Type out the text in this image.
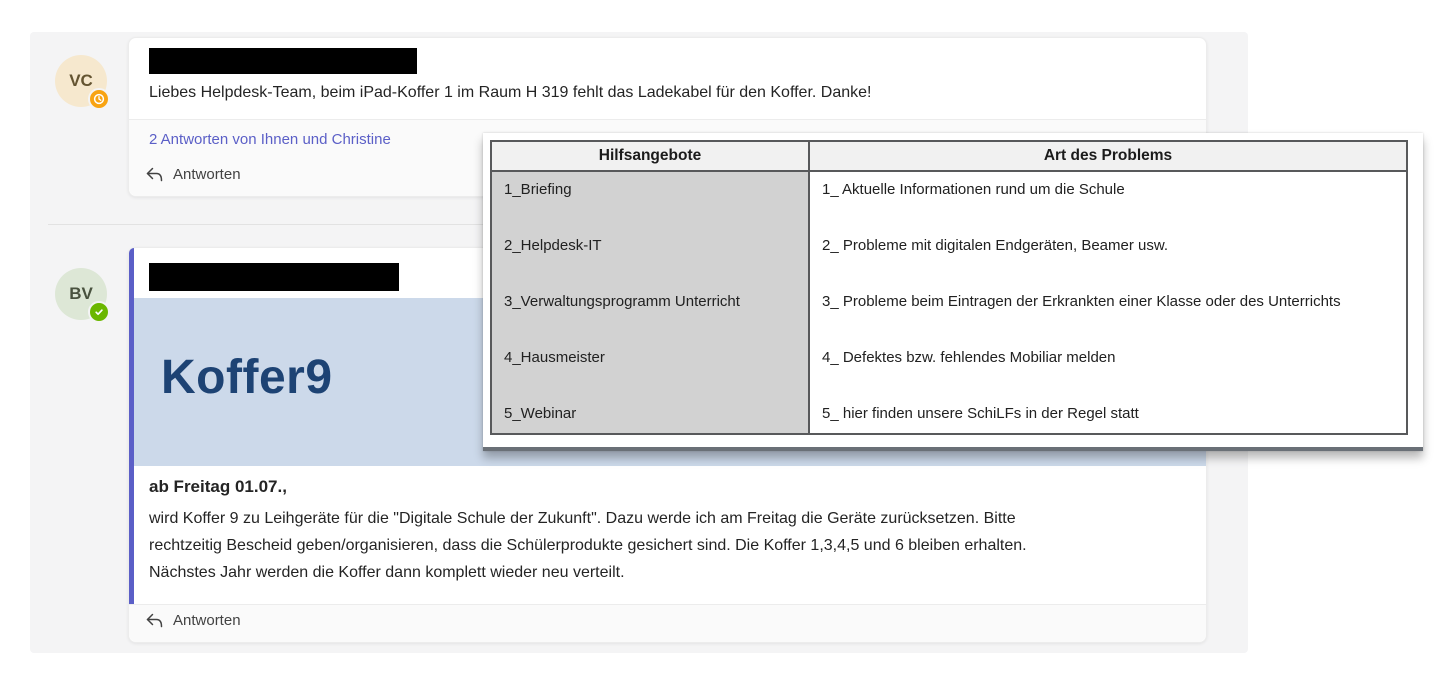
VC
Liebes Helpdesk-Team, beim iPad-Koffer 1 im Raum H 319 fehlt das Ladekabel für den Koffer. Danke!
2 Antworten von Ihnen und Christine
Antworten
BV
Koffer9
ab Freitag 01.07.,
wird Koffer 9 zu Leihgeräte für die "Digitale Schule der Zukunft". Dazu werde ich am Freitag die Geräte zurücksetzen. Bitte rechtzeitig Bescheid geben/organisieren, dass die Schülerprodukte gesichert sind. Die Koffer 1,3,4,5 und 6 bleiben erhalten. Nächstes Jahr werden die Koffer dann komplett wieder neu verteilt.
Antworten
Hilfsangebote	Art des Problems
1_Briefing	1_ Aktuelle Informationen rund um die Schule
2_Helpdesk-IT	2_ Probleme mit digitalen Endgeräten, Beamer usw.
3_Verwaltungsprogramm Unterricht	3_ Probleme beim Eintragen der Erkrankten einer Klasse oder des Unterrichts
4_Hausmeister	4_ Defektes bzw. fehlendes Mobiliar melden
5_Webinar	5_ hier finden unsere SchiLFs in der Regel statt
